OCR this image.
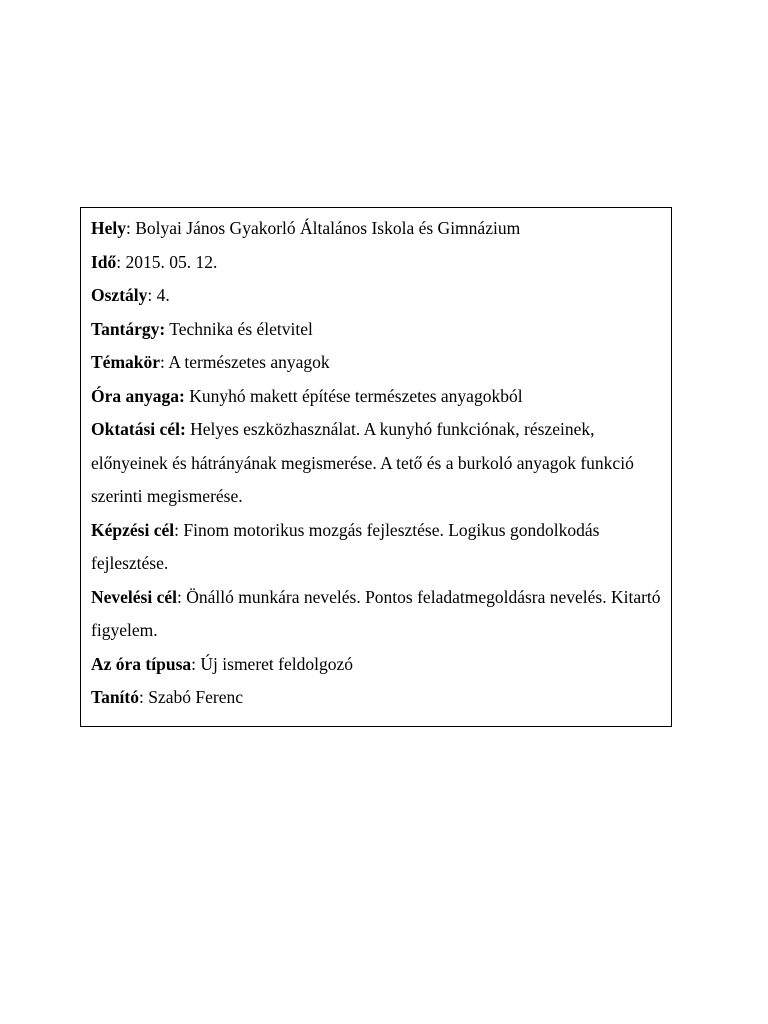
Hely: Bolyai János Gyakorló Általános Iskola és Gimnázium

Idő: 2015. 05. 12.

Osztály: 4.

Tantárgy: Technika és életvitel

Témakör: A természetes anyagok

Óra anyaga: Kunyhó makett építése természetes anyagokból

Oktatási cél: Helyes eszközhasználat. A kunyhó funkciónak, részeinek, előnyeinek és hátrányának megismerése. A tető és a burkoló anyagok funkció szerinti megismerése.

Képzési cél: Finom motorikus mozgás fejlesztése. Logikus gondolkodás fejlesztése.

Nevelési cél: Önálló munkára nevelés. Pontos feladatmegoldásra nevelés. Kitartó figyelem.

Az óra típusa: Új ismeret feldolgozó

Tanító: Szabó Ferenc
